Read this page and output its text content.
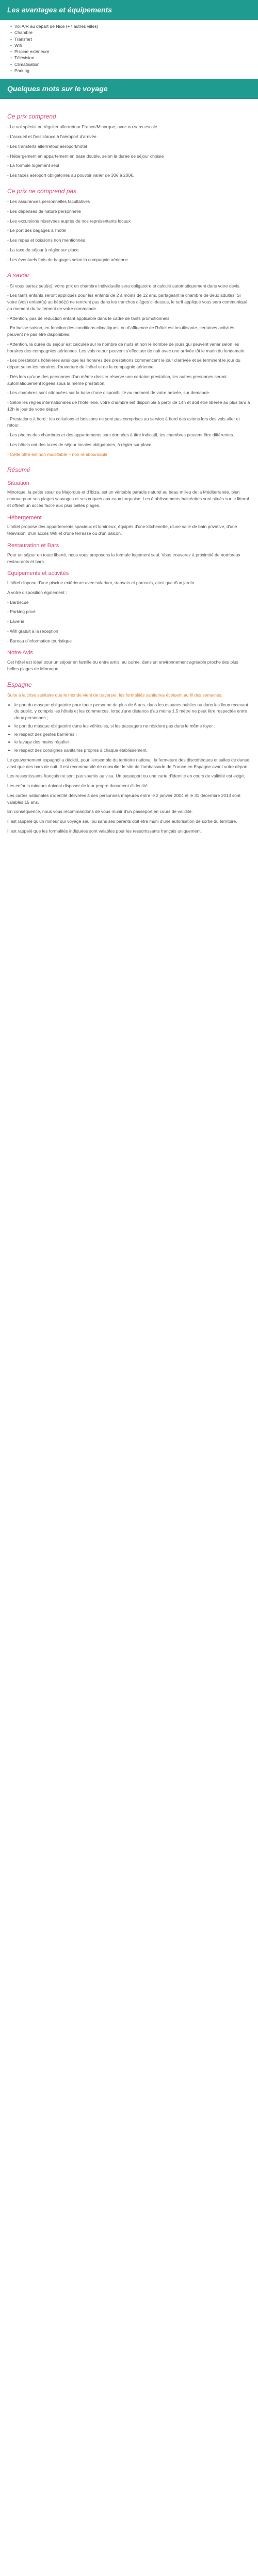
Les avantages et équipements
• Vol A/R au départ de Nice (+7 autres villes)
• Chambre
• Transfert
• Wifi
• Piscine extérieure
• Télévision
• Climatisation
• Parking
Quelques mots sur le voyage
Ce prix comprend

- Le vol spécial ou régulier aller/retour France/Minorque, avec ou sans escale

- L'accueil et l'assistance à l'aéroport d'arrivée

- Les transferts aller/retour aéroport/hôtel

- Hébergement en appartement en base double, selon la durée de séjour choisie

- La formule logement seul

- Les taxes aéroport obligatoires au pouvoir varier de 30€ à 200€.

Ce prix ne comprend pas

- Les assurances personnelles facultatives

- Les dépenses de nature personnelle

- Les excursions réservées auprès de nos représentants locaux

- Le port des bagages à l'hôtel

- Les repas et boissons non mentionnés

- La taxe de séjour à régler sur place

- Les éventuels frais de bagages selon la compagnie aérienne

A savoir

- Si vous partez seul(e), votre prix en chambre individuelle sera obligatoire et calculé automatiquement dans votre devis.

- Les tarifs enfants seront appliqués pour les enfants de 2 à moins de 12 ans, partageant la chambre de deux adultes. Si votre (vos) enfant(s) au bébé(s) ne rentrent pas dans les tranches d'âges ci-dessus, le tarif appliqué vous sera communiqué au moment du traitement de votre commande.

- Attention, pas de réduction enfant applicable dans le cadre de tarifs promotionnels.

- En basse saison, en fonction des conditions climatiques, ou d'affluence de l'hôtel est insuffisante, certaines activités peuvent ne pas être disponibles.

- Attention, la durée du séjour est calculée sur le nombre de nuits et non le nombre de jours qui peuvent varier selon les horaires des compagnies aériennes. Les vols retour peuvent s'effectuer de nuit avec une arrivée tôt le matin du lendemain.

- Les prestations hôtelières ainsi que les horaires des prestations commencent le jour d'arrivée et se terminent le jour du départ selon les horaires d'ouverture de l'hôtel et de la compagnie aérienne.

- Dès lors qu'une des personnes d'un même dossier réserve une certaine prestation, les autres personnes seront automatiquement logées sous la même prestation.

- Les chambres sont attribuées sur la base d'une disponibilité au moment de votre arrivée, sur demande.

- Selon les règles internationales de l'hôtellerie, votre chambre est disponible à partir de 14h et doit être libérée au plus tard à 12h le jour de votre départ.

- Prestations à bord : les collations et boissons ne sont pas comprises au service à bord des avions lors des vols aller et retour.

- Les photos des chambres et des appartements sont données à titre indicatif, les chambres peuvent être différentes.

- Les hôtels ont des taxes de séjour locales obligatoires, à régler sur place.

- Cette offre est non modifiable – non remboursable

Résumé
Situation

Minorque, la petite sœur de Majorque et d'Ibiza, est un véritable paradis naturel au beau milieu de la Méditerranée, bien connue pour ses plages sauvages et ses criques aux eaux turquoise. Les établissements balnéaires sont situés sur le littoral et offrent un accès facile aux plus belles plages.

Hébergement

L'hôtel propose des appartements spacieux et lumineux, équipés d'une kitchenette, d'une salle de bain privative, d'une télévision, d'un accès Wifi et d'une terrasse ou d'un balcon.

Restauration et Bars

Pour un séjour en toute liberté, nous vous proposons la formule logement seul. Vous trouverez à proximité de nombreux restaurants et bars.

Equipements et activités

L'hôtel dispose d'une piscine extérieure avec solarium, transats et parasols, ainsi que d'un jardin.

A votre disposition également :

- Barbecue

- Parking privé

- Laverie

- Wifi gratuit à la réception

- Bureau d'information touristique

Notre Avis

Cet hôtel est idéal pour un séjour en famille ou entre amis, au calme, dans un environnement agréable proche des plus belles plages de Minorque.

Espagne

Suite à la crise sanitaire que le monde vient de traverser, les formalités sanitaires évoluent au fil des semaines.

• le port du masque obligatoire pour toute personne de plus de 6 ans, dans les espaces publics ou dans les lieux recevant du public, y compris les hôtels et les commerces, lorsqu'une distance d'au moins 1,5 mètre ne peut être respectée entre deux personnes ;
• le port du masque obligatoire dans les véhicules, si les passagers ne résident pas dans le même foyer ;
• le respect des gestes barrières ;
• le lavage des mains régulier ;
• le respect des consignes sanitaires propres à chaque établissement.

Le gouvernement espagnol a décidé, pour l'ensemble du territoire national, la fermeture des discothèques et salles de danse, ainsi que des bars de nuit. Il est recommandé de consulter le site de l'ambassade de France en Espagne avant votre départ.

Les ressortissants français ne sont pas soumis au visa. Un passeport ou une carte d'identité en cours de validité est exigé.

Les enfants mineurs doivent disposer de leur propre document d'identité.

Les cartes nationales d'identité délivrées à des personnes majeures entre le 2 janvier 2004 et le 31 décembre 2013 sont valables 15 ans.

En conséquence, nous vous recommandons de vous munir d'un passeport en cours de validité.

Il est rappelé qu'un mineur qui voyage seul ou sans ses parents doit être muni d'une autorisation de sortie du territoire.

Il est rappelé que les formalités indiquées sont valables pour les ressortissants français uniquement.
